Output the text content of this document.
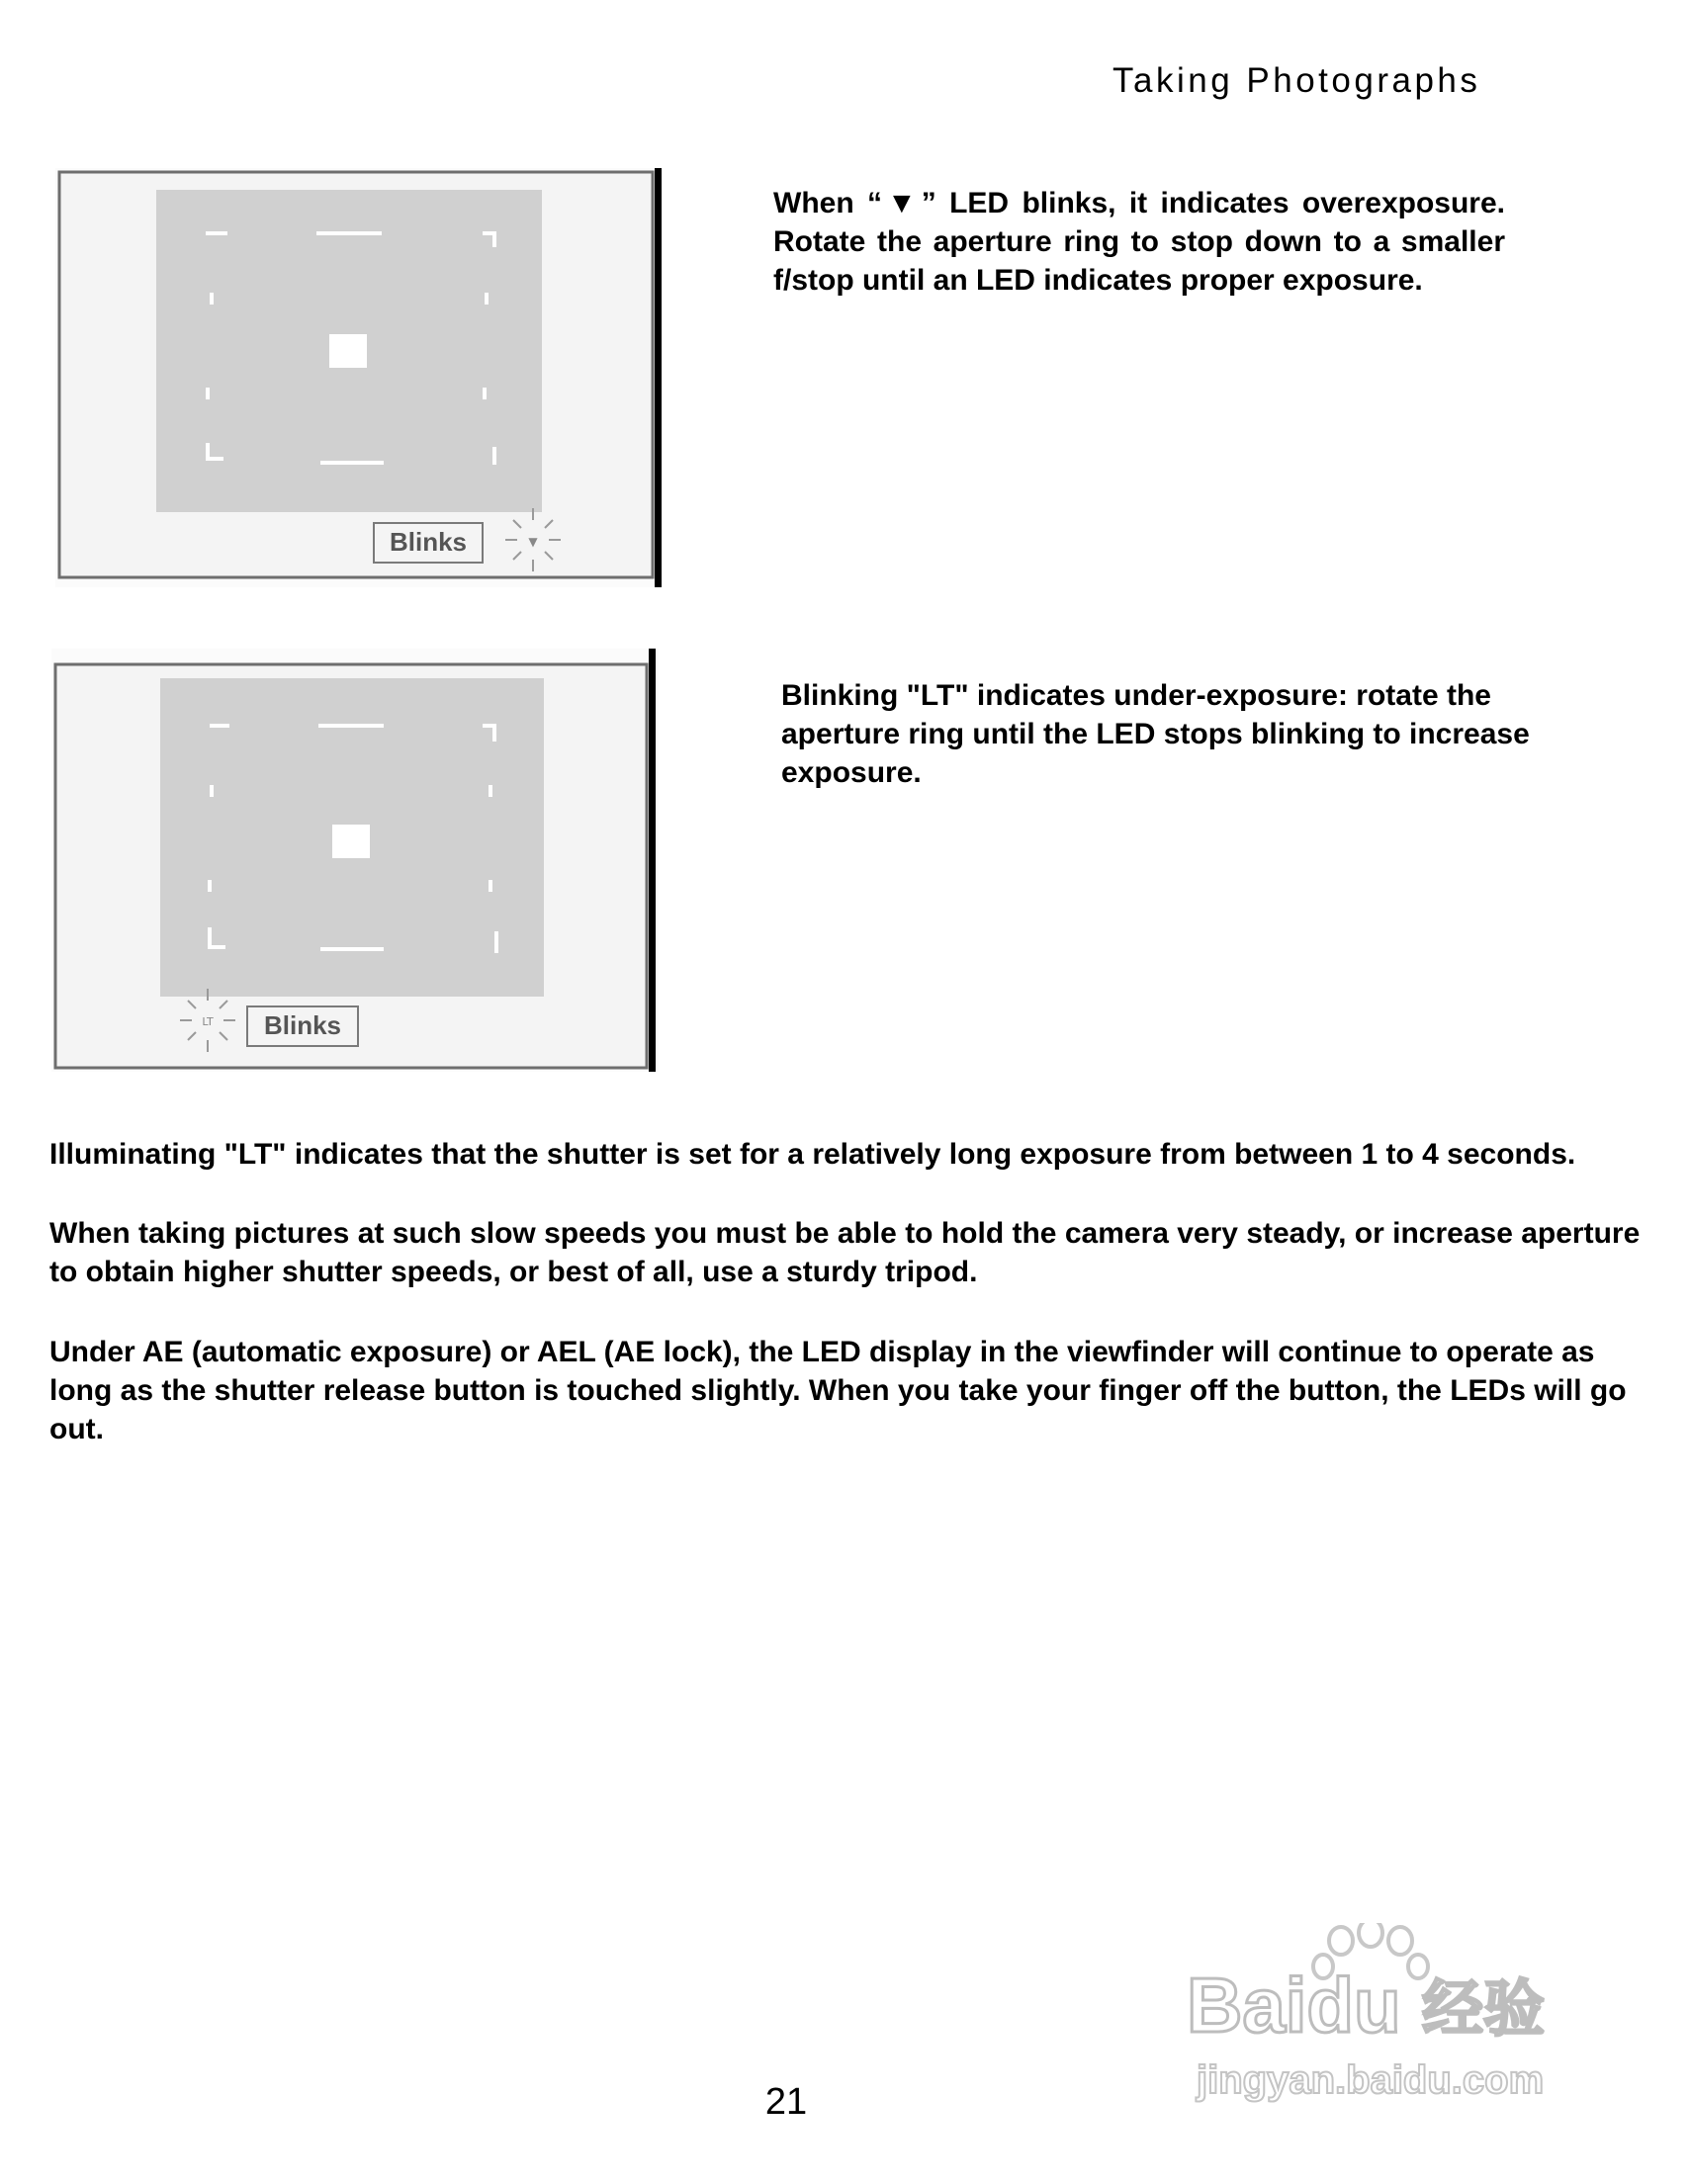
Taking Photographs
Blinks	▼
When “▼” LED blinks, it indicates overexposure. Rotate the aperture ring to stop down to a smaller f/stop until an LED indicates proper exposure.
Blinks
LT
Blinking "LT" indicates under-exposure: rotate the aperture ring until the LED stops blinking to increase exposure.
Illuminating "LT" indicates that the shutter is set for a relatively long exposure from between 1 to 4 seconds.
When taking pictures at such slow speeds you must be able to hold the camera very steady, or increase aperture to obtain higher shutter speeds, or best of all, use a sturdy tripod.
Under AE (automatic exposure) or AEL (AE lock), the LED display in the viewfinder will continue to operate as long as the shutter release button is touched slightly. When you take your finger off the button, the LEDs will go out.
21
Baidu 经验
jingyan.baidu.com
